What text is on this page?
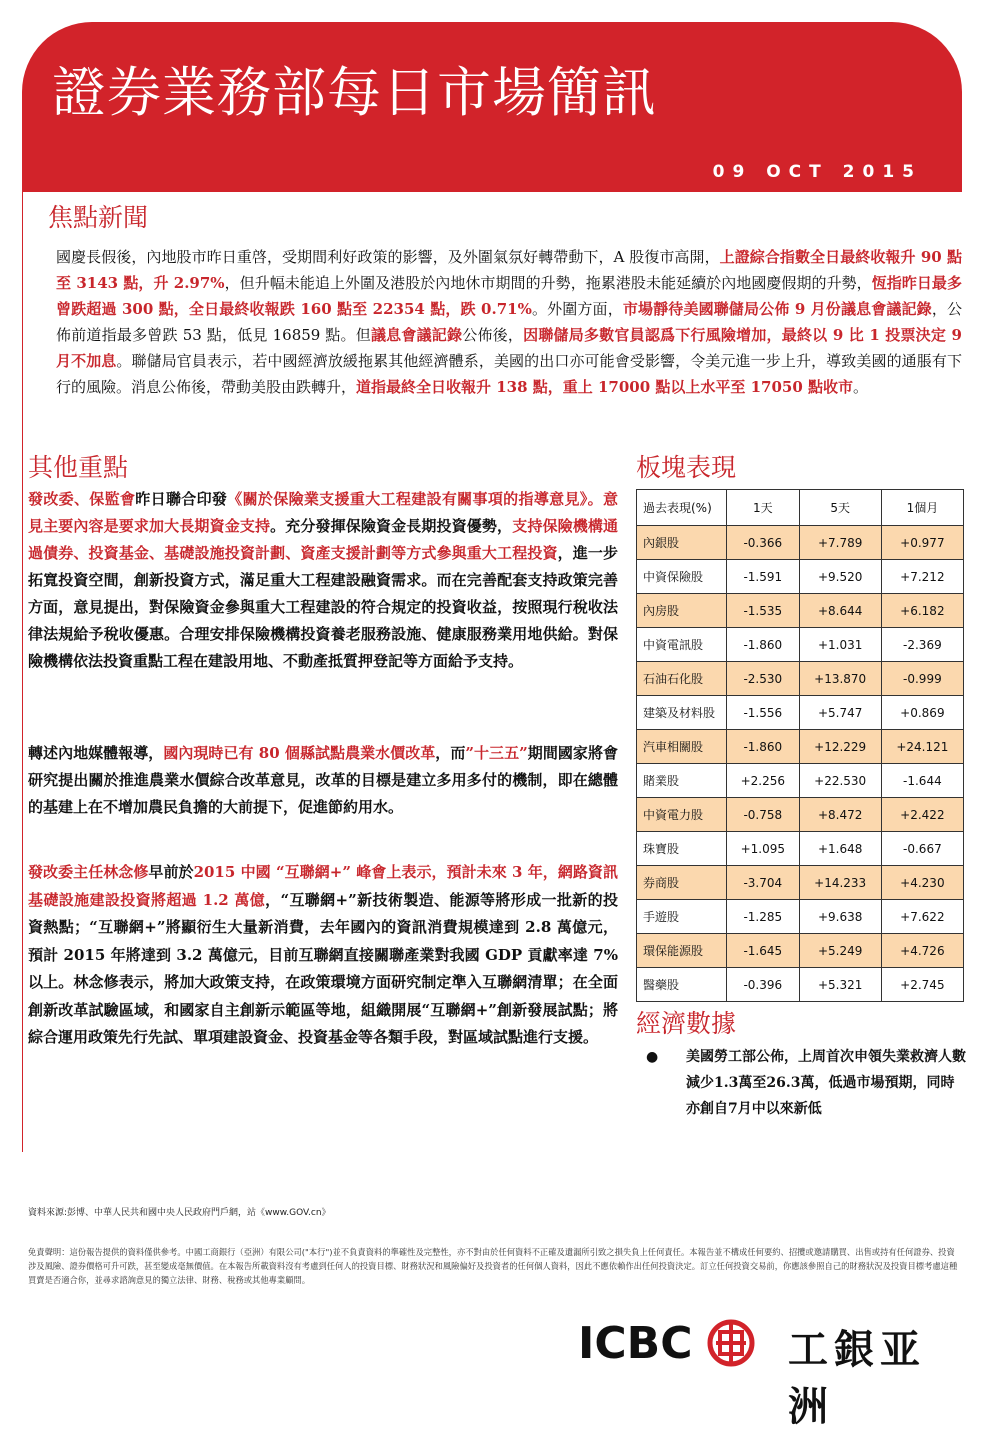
證券業務部每日市場簡訊
09 OCT 2015
焦點新聞
國慶長假後，內地股市昨日重啓，受期間利好政策的影響，及外圍氣氛好轉帶動下，A 股復市高開，上證綜合指數全日最終收報升 90 點至 3143 點，升 2.97%，但升幅未能追上外圍及港股於內地休市期間的升勢，拖累港股未能延續於內地國慶假期的升勢，恆指昨日最多曾跌超過 300 點，全日最終收報跌 160 點至 22354 點，跌 0.71%。外圍方面，市場靜待美國聯儲局公佈 9 月份議息會議記錄，公佈前道指最多曾跌 53 點，低見 16859 點。但議息會議記錄公佈後，因聯儲局多數官員認爲下行風險增加，最終以 9 比 1 投票決定 9 月不加息。聯儲局官員表示，若中國經濟放緩拖累其他經濟體系，美國的出口亦可能會受影響，令美元進一步上升，導致美國的通脹有下行的風險。消息公佈後，帶動美股由跌轉升，道指最終全日收報升 138 點，重上 17000 點以上水平至 17050 點收市。
其他重點
發改委、保監會昨日聯合印發《關於保險業支援重大工程建設有關事項的指導意見》。意見主要內容是要求加大長期資金支持。充分發揮保險資金長期投資優勢，支持保險機構通過債券、投資基金、基礎設施投資計劃、資產支援計劃等方式參與重大工程投資，進一步拓寬投資空間，創新投資方式，滿足重大工程建設融資需求。而在完善配套支持政策完善方面，意見提出，對保險資金參與重大工程建設的符合規定的投資收益，按照現行稅收法律法規給予稅收優惠。合理安排保險機構投資養老服務設施、健康服務業用地供給。對保險機構依法投資重點工程在建設用地、不動產抵質押登記等方面給予支持。
轉述內地媒體報導，國內現時已有 80 個縣試點農業水價改革，而”十三五”期間國家將會研究提出關於推進農業水價綜合改革意見，改革的目標是建立多用多付的機制，即在總體的基建上在不增加農民負擔的大前提下，促進節約用水。
發改委主任林念修早前於2015 中國 “互聯網+” 峰會上表示，預計未來 3 年，網路資訊基礎設施建設投資將超過 1.2 萬億，“互聯網+”新技術製造、能源等將形成一批新的投資熱點；“互聯網+”將顯衍生大量新消費，去年國內的資訊消費規模達到 2.8 萬億元，預計 2015 年將達到 3.2 萬億元，目前互聯網直接關聯產業對我國 GDP 貢獻率達 7%以上。林念修表示，將加大政策支持，在政策環境方面研究制定準入互聯網清單；在全面創新改革試驗區域，和國家自主創新示範區等地，組織開展“互聯網+”創新發展試點；將綜合運用政策先行先試、單項建設資金、投資基金等各類手段，對區域試點進行支援。
板塊表現
過去表現(%)	1天	5天	1個月
內銀股	-0.366	+7.789	+0.977
中資保險股	-1.591	+9.520	+7.212
內房股	-1.535	+8.644	+6.182
中資電訊股	-1.860	+1.031	-2.369
石油石化股	-2.530	+13.870	-0.999
建築及材料股	-1.556	+5.747	+0.869
汽車相關股	-1.860	+12.229	+24.121
賭業股	+2.256	+22.530	-1.644
中資電力股	-0.758	+8.472	+2.422
珠寶股	+1.095	+1.648	-0.667
券商股	-3.704	+14.233	+4.230
手遊股	-1.285	+9.638	+7.622
環保能源股	-1.645	+5.249	+4.726
醫藥股	-0.396	+5.321	+2.745
經濟數據
● 美國勞工部公佈，上周首次申領失業救濟人數減少1.3萬至26.3萬，低過市場預期，同時亦創自7月中以來新低
資料來源:彭博、中華人民共和國中央人民政府門戶網，站《www.GOV.cn》
免責聲明：這份報告提供的資料僅供參考。中國工商銀行（亞洲）有限公司("本行")並不負責資料的準確性及完整性，亦不對由於任何資料不正確及遺漏所引致之損失負上任何責任。本報告並不構成任何要約、招攬或邀請購買、出售或持有任何證券、投資涉及風險、證券價格可升可跌，甚至變成毫無價值。在本報告所載資料沒有考慮到任何人的投資目標、財務狀況和風險偏好及投資者的任何個人資料，因此不應依賴作出任何投資決定。訂立任何投資交易前，你應該參照自己的財務狀況及投資目標考慮這種買賣是否適合你，並尋求諮詢意見的獨立法律、財務、稅務或其他專業顧問。
ICBC 工銀亚洲
